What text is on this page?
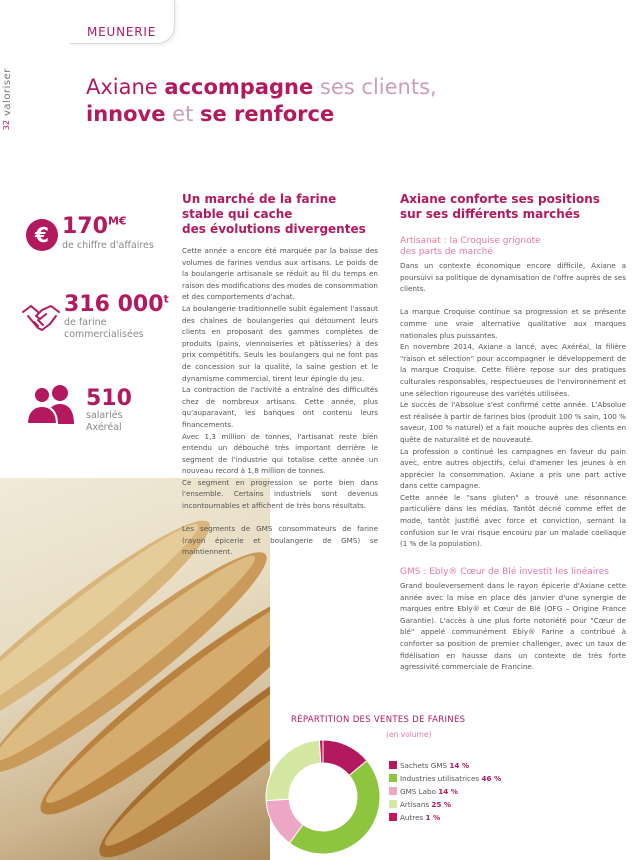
MEUNERIE
valoriser
32
Axiane accompagne ses clients,
innove et se renforce
€ $170^{M€}$
de chiffre d'affaires
316 000$^t$
de farine
commercialisées
510
salariés
Axéréal
Un marché de la farine
stable qui cache
des évolutions divergentes

Cette année a encore été marquée par la baisse des volumes de farines vendus aux artisans. Le poids de la boulangerie artisanale se réduit au fil du temps en raison des modifications des modes de consommation et des comportements d'achat.

La boulangerie traditionnelle subit également l'assaut des chaînes de boulangeries qui détournent leurs clients en proposant des gammes complètes de produits (pains, viennoiseries et pâtisseries) à des prix compétitifs. Seuls les boulangers qui ne font pas de concession sur la qualité, la saine gestion et le dynamisme commercial, tirent leur épingle du jeu.

La contraction de l'activité a entraîné des difficultés chez de nombreux artisans. Cette année, plus qu'auparavant, les banques ont contenu leurs financements.

Avec 1,3 million de tonnes, l'artisanat reste bien entendu un débouché très important derrière le segment de l'industrie qui totalise cette année un nouveau record à 1,8 million de tonnes.

Ce segment en progression se porte bien dans l'ensemble. Certains industriels sont devenus incontournables et affichent de très bons résultats.

Les segments de GMS consommateurs de farine (rayon épicerie et boulangerie de GMS) se maintiennent.

Axiane conforte ses positions
sur ses différents marchés
Artisanat : la Croquise grignote
des parts de marché

Dans un contexte économique encore difficile, Axiane a poursuivi sa politique de dynamisation de l'offre auprès de ses clients.

La marque Croquise continue sa progression et se présente comme une vraie alternative qualitative aux marques nationales plus puissantes.

En novembre 2014, Axiane a lancé, avec Axéréal, la filière "raison et sélection" pour accompagner le développement de la marque Croquise. Cette filière repose sur des pratiques culturales responsables, respectueuses de l'environnement et une sélection rigoureuse des variétés utilisées.

Le succès de l'Absolue s'est confirmé cette année. L'Absolue est réalisée à partir de farines bios (produit 100 % sain, 100 % saveur, 100 % naturel) et a fait mouche auprès des clients en quête de naturalité et de nouveauté.

La profession a continué les campagnes en faveur du pain avec, entre autres objectifs, celui d'amener les jeunes à en apprécier la consommation. Axiane a pris une part active dans cette campagne.

Cette année le "sans gluten" a trouvé une résonnance particulière dans les médias. Tantôt décrié comme effet de mode, tantôt justifié avec force et conviction, sernant la confusion sur le vrai risque encouru par un malade coeliaque (1 % de la population).

GMS : Ebly® Cœur de Blé investit les linéaires

Grand bouleversement dans le rayon épicerie d'Axiane cette année avec la mise en place dès janvier d'une synergie de marques entre Ebly® et Cœur de Blé (OFG – Origine France Garantie). L'accès à une plus forte notoriété pour "Cœur de blé" appelé communément Ebly® Farine a contribué à conforter sa position de premier challenger, avec un taux de fidélisation en hausse dans un contexte de très forte agressivité commerciale de Francine.

RÉPARTITION DES VENTES DE FARINES
(en volume)
Sachets GMS 14 %
Industries utilisatrices 46 %
GMS Labo 14 %
Artisans 25 %
Autres 1 %
